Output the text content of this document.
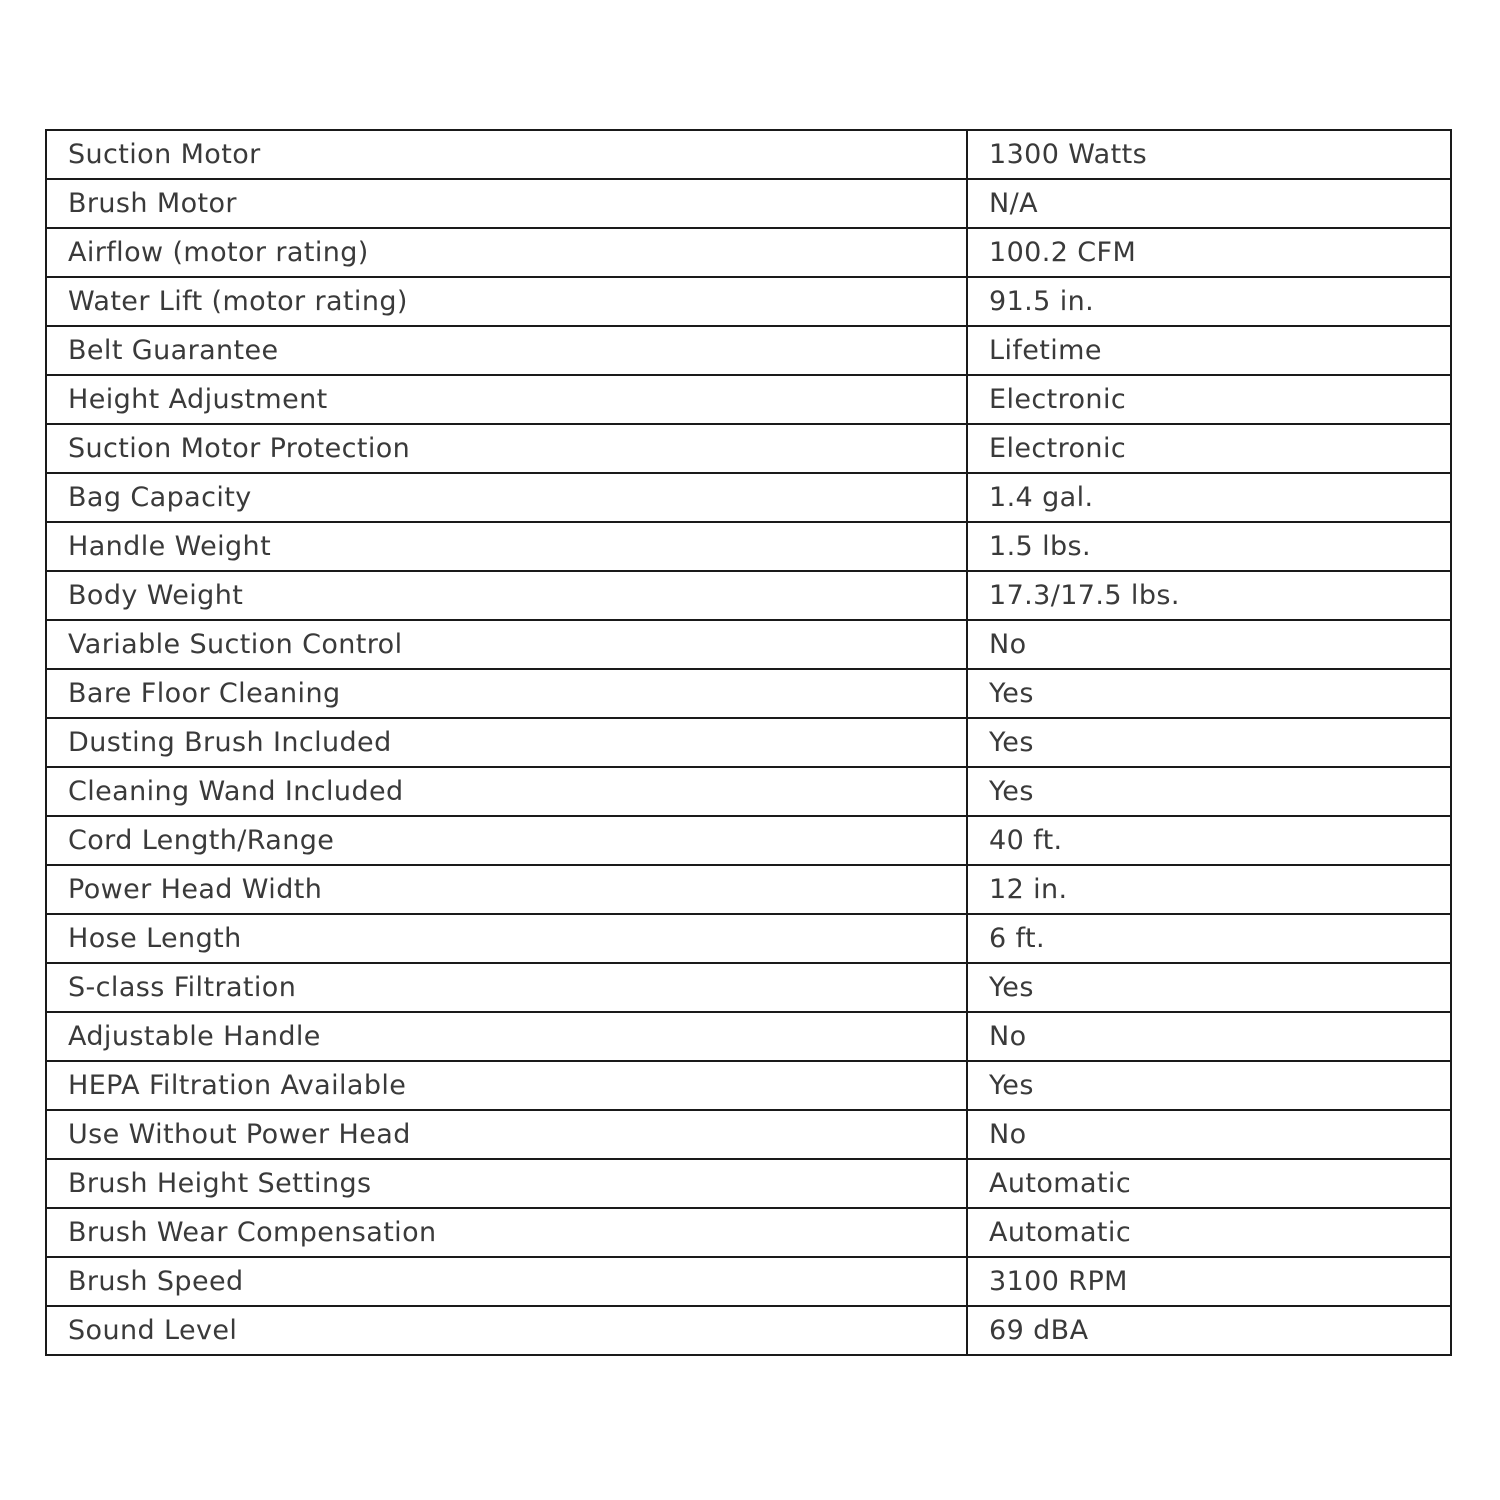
Suction Motor	1300 Watts
Brush Motor	N/A
Airflow (motor rating)	100.2 CFM
Water Lift (motor rating)	91.5 in.
Belt Guarantee	Lifetime
Height Adjustment	Electronic
Suction Motor Protection	Electronic
Bag Capacity	1.4 gal.
Handle Weight	1.5 lbs.
Body Weight	17.3/17.5 lbs.
Variable Suction Control	No
Bare Floor Cleaning	Yes
Dusting Brush Included	Yes
Cleaning Wand Included	Yes
Cord Length/Range	40 ft.
Power Head Width	12 in.
Hose Length	6 ft.
S-class Filtration	Yes
Adjustable Handle	No
HEPA Filtration Available	Yes
Use Without Power Head	No
Brush Height Settings	Automatic
Brush Wear Compensation	Automatic
Brush Speed	3100 RPM
Sound Level	69 dBA
